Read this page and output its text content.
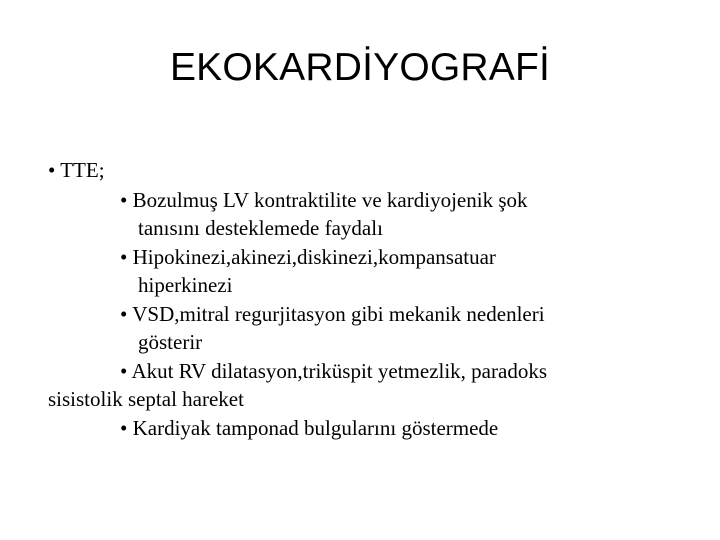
EKOKARDİYOGRAFİ
• TTE;
• Bozulmuş LV kontraktilite ve kardiyojenik şok
tanısını desteklemede faydalı
• Hipokinezi,akinezi,diskinezi,kompansatuar
hiperkinezi
• VSD,mitral regurjitasyon gibi mekanik nedenleri
gösterir
• Akut RV dilatasyon,triküspit yetmezlik, paradoks
sisistolik septal hareket
• Kardiyak tamponad bulgularını göstermede
